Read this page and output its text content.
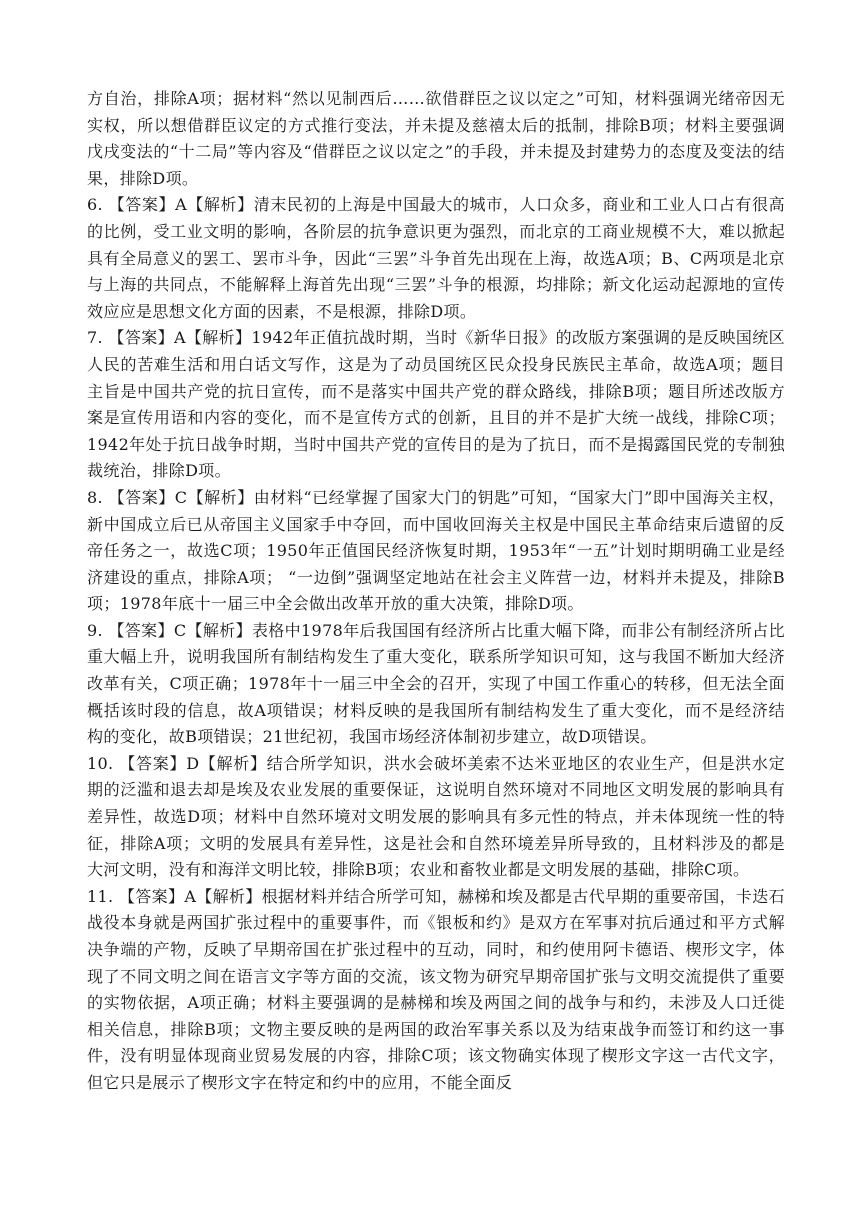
方自治，排除A项；据材料“然以见制西后……欲借群臣之议以定之”可知，材料强调光绪帝因无实权，所以想借群臣议定的方式推行变法，并未提及慈禧太后的抵制，排除B项；材料主要强调戊戌变法的“十二局”等内容及“借群臣之议以定之”的手段，并未提及封建势力的态度及变法的结果，排除D项。

6. 【答案】A【解析】清末民初的上海是中国最大的城市，人口众多，商业和工业人口占有很高的比例，受工业文明的影响，各阶层的抗争意识更为强烈，而北京的工商业规模不大，难以掀起具有全局意义的罢工、罢市斗争，因此“三罢”斗争首先出现在上海，故选A项；B、C两项是北京与上海的共同点，不能解释上海首先出现“三罢”斗争的根源，均排除；新文化运动起源地的宣传效应应是思想文化方面的因素，不是根源，排除D项。

7. 【答案】A【解析】1942年正值抗战时期，当时《新华日报》的改版方案强调的是反映国统区人民的苦难生活和用白话文写作，这是为了动员国统区民众投身民族民主革命，故选A项；题目主旨是中国共产党的抗日宣传，而不是落实中国共产党的群众路线，排除B项；题目所述改版方案是宣传用语和内容的变化，而不是宣传方式的创新，且目的并不是扩大统一战线，排除C项；1942年处于抗日战争时期，当时中国共产党的宣传目的是为了抗日，而不是揭露国民党的专制独裁统治，排除D项。

8. 【答案】C【解析】由材料“已经掌握了国家大门的钥匙”可知，“国家大门”即中国海关主权，新中国成立后已从帝国主义国家手中夺回，而中国收回海关主权是中国民主革命结束后遗留的反帝任务之一，故选C项；1950年正值国民经济恢复时期，1953年“一五”计划时期明确工业是经济建设的重点，排除A项； “一边倒”强调坚定地站在社会主义阵营一边，材料并未提及，排除B项；1978年底十一届三中全会做出改革开放的重大决策，排除D项。

9. 【答案】C【解析】表格中1978年后我国国有经济所占比重大幅下降，而非公有制经济所占比重大幅上升，说明我国所有制结构发生了重大变化，联系所学知识可知，这与我国不断加大经济改革有关，C项正确；1978年十一届三中全会的召开，实现了中国工作重心的转移，但无法全面概括该时段的信息，故A项错误；材料反映的是我国所有制结构发生了重大变化，而不是经济结构的变化，故B项错误；21世纪初，我国市场经济体制初步建立，故D项错误。

10. 【答案】D【解析】结合所学知识，洪水会破坏美索不达米亚地区的农业生产，但是洪水定期的泛滥和退去却是埃及农业发展的重要保证，这说明自然环境对不同地区文明发展的影响具有差异性，故选D项；材料中自然环境对文明发展的影响具有多元性的特点，并未体现统一性的特征，排除A项；文明的发展具有差异性，这是社会和自然环境差异所导致的，且材料涉及的都是大河文明，没有和海洋文明比较，排除B项；农业和畜牧业都是文明发展的基础，排除C项。

11. 【答案】A【解析】根据材料并结合所学可知，赫梯和埃及都是古代早期的重要帝国，卡迭石战役本身就是两国扩张过程中的重要事件，而《银板和约》是双方在军事对抗后通过和平方式解决争端的产物，反映了早期帝国在扩张过程中的互动，同时，和约使用阿卡德语、楔形文字，体现了不同文明之间在语言文字等方面的交流，该文物为研究早期帝国扩张与文明交流提供了重要的实物依据，A项正确；材料主要强调的是赫梯和埃及两国之间的战争与和约，未涉及人口迁徙相关信息，排除B项；文物主要反映的是两国的政治军事关系以及为结束战争而签订和约这一事件，没有明显体现商业贸易发展的内容，排除C项；该文物确实体现了楔形文字这一古代文字，但它只是展示了楔形文字在特定和约中的应用，不能全面反
